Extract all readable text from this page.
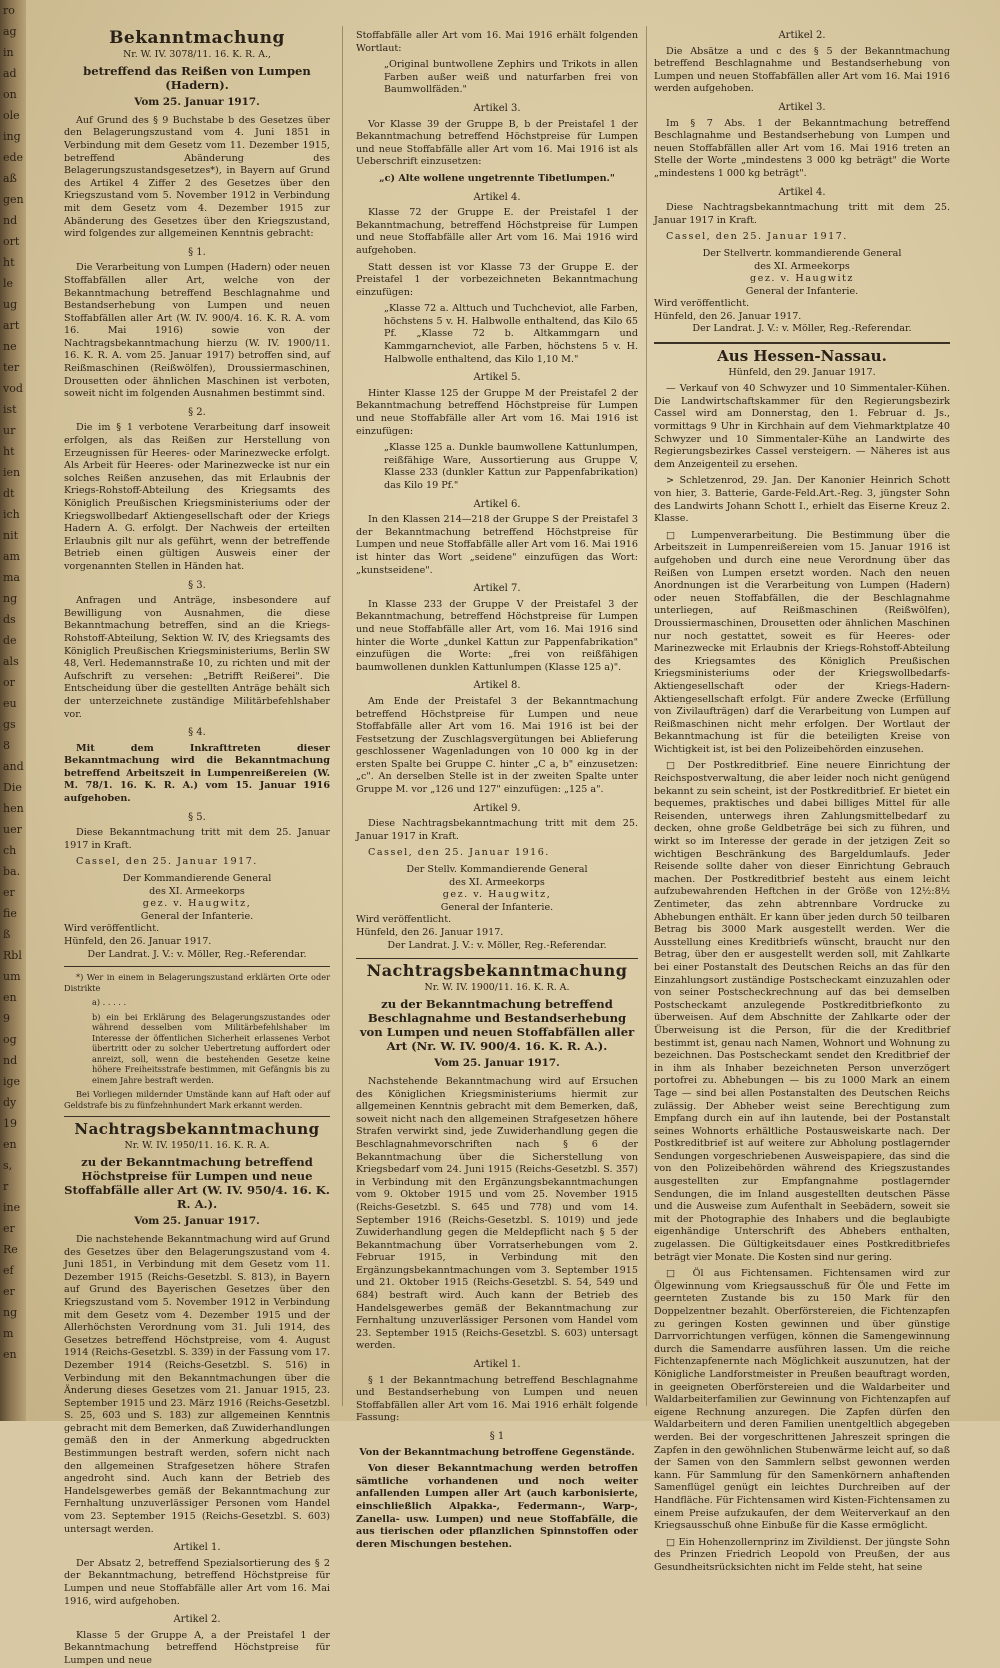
ro
ag
in
ad
on
ole
ing
ede
aß
gen
nd
ort
ht
le
ug
art
ne
ter
vod
ist
ur
ht
ien
dt
ich
nit
am
ma
ng
ds
de
als
or
eu
gs
8
and
Die
hen
uer
ch
ba.
er
fie
ß
Rbl
um
en
9
og
nd
ige
dy
19
en
s,
r
ine
er
Re
ef
er
ng
m
en
Bekanntmachung
Nr. W. IV. 3078/11. 16. K. R. A.,
betreffend das Reißen von Lumpen (Hadern).
Vom 25. Januar 1917.

Auf Grund des § 9 Buchstabe b des Gesetzes über den Belagerungszustand vom 4. Juni 1851 in Verbindung mit dem Gesetz vom 11. Dezember 1915, betreffend Abänderung des Belagerungszustandsgesetzes*), in Bayern auf Grund des Artikel 4 Ziffer 2 des Gesetzes über den Kriegszustand vom 5. November 1912 in Verbindung mit dem Gesetz vom 4. Dezember 1915 zur Abänderung des Gesetzes über den Kriegszustand, wird folgendes zur allgemeinen Kenntnis gebracht:

§ 1.

Die Verarbeitung von Lumpen (Hadern) oder neuen Stoffabfällen aller Art, welche von der Bekanntmachung betreffend Beschlagnahme und Bestandserhebung von Lumpen und neuen Stoffabfällen aller Art (W. IV. 900/4. 16. K. R. A. vom 16. Mai 1916) sowie von der Nachtragsbekanntmachung hierzu (W. IV. 1900/11. 16. K. R. A. vom 25. Januar 1917) betroffen sind, auf Reißmaschinen (Reißwölfen), Droussiermaschinen, Drousetten oder ähnlichen Maschinen ist verboten, soweit nicht im folgenden Ausnahmen bestimmt sind.

§ 2.

Die im § 1 verbotene Verarbeitung darf insoweit erfolgen, als das Reißen zur Herstellung von Erzeugnissen für Heeres- oder Marinezwecke erfolgt. Als Arbeit für Heeres- oder Marinezwecke ist nur ein solches Reißen anzusehen, das mit Erlaubnis der Kriegs-Rohstoff-Abteilung des Kriegsamts des Königlich Preußischen Kriegsministeriums oder der Kriegswollbedarf Aktiengesellschaft oder der Kriegs Hadern A. G. erfolgt. Der Nachweis der erteilten Erlaubnis gilt nur als geführt, wenn der betreffende Betrieb einen gültigen Ausweis einer der vorgenannten Stellen in Händen hat.

§ 3.

Anfragen und Anträge, insbesondere auf Bewilligung von Ausnahmen, die diese Bekanntmachung betreffen, sind an die Kriegs-Rohstoff-Abteilung, Sektion W. IV, des Kriegsamts des Königlich Preußischen Kriegsministeriums, Berlin SW 48, Verl. Hedemannstraße 10, zu richten und mit der Aufschrift zu versehen: „Betrifft Reißerei". Die Entscheidung über die gestellten Anträge behält sich der unterzeichnete zuständige Militärbefehlshaber vor.

§ 4.

Mit dem Inkrafttreten dieser Bekanntmachung wird die Bekanntmachung betreffend Arbeitszeit in Lumpenreißereien (W. M. 78/1. 16. K. R. A.) vom 15. Januar 1916 aufgehoben.

§ 5.

Diese Bekanntmachung tritt mit dem 25. Januar 1917 in Kraft.

Cassel, den 25. Januar 1917.

Der Kommandierende General
des XI. Armeekorps
gez. v. Haugwitz,
General der Infanterie.
Wird veröffentlicht.
Hünfeld, den 26. Januar 1917.
Der Landrat. J. V.: v. Möller, Reg.-Referendar.

*) Wer in einem in Belagerungszustand erklärten Orte oder Distrikte

a) . . . . .

b) ein bei Erklärung des Belagerungszustandes oder während desselben vom Militärbefehlshaber im Interesse der öffentlichen Sicherheit erlassenes Verbot übertritt oder zu solcher Uebertretung auffordert oder anreizt, soll, wenn die bestehenden Gesetze keine höhere Freiheitsstrafe bestimmen, mit Gefängnis bis zu einem Jahre bestraft werden.

Bei Vorliegen mildernder Umstände kann auf Haft oder auf Geldstrafe bis zu fünfzehnhundert Mark erkannt werden.

Nachtragsbekanntmachung
Nr. W. IV. 1950/11. 16. K. R. A.
zu der Bekanntmachung betreffend Höchstpreise für Lumpen und neue Stoffabfälle aller Art (W. IV. 950/4. 16. K. R. A.).
Vom 25. Januar 1917.

Die nachstehende Bekanntmachung wird auf Grund des Gesetzes über den Belagerungszustand vom 4. Juni 1851, in Verbindung mit dem Gesetz vom 11. Dezember 1915 (Reichs-Gesetzbl. S. 813), in Bayern auf Grund des Bayerischen Gesetzes über den Kriegszustand vom 5. November 1912 in Verbindung mit dem Gesetz vom 4. Dezember 1915 und der Allerhöchsten Verordnung vom 31. Juli 1914, des Gesetzes betreffend Höchstpreise, vom 4. August 1914 (Reichs-Gesetzbl. S. 339) in der Fassung vom 17. Dezember 1914 (Reichs-Gesetzbl. S. 516) in Verbindung mit den Bekanntmachungen über die Änderung dieses Gesetzes vom 21. Januar 1915, 23. September 1915 und 23. März 1916 (Reichs-Gesetzbl. S. 25, 603 und S. 183) zur allgemeinen Kenntnis gebracht mit dem Bemerken, daß Zuwiderhandlungen gemäß den in der Anmerkung abgedruckten Bestimmungen bestraft werden, sofern nicht nach den allgemeinen Strafgesetzen höhere Strafen angedroht sind. Auch kann der Betrieb des Handelsgewerbes gemäß der Bekanntmachung zur Fernhaltung unzuverlässiger Personen vom Handel vom 23. September 1915 (Reichs-Gesetzbl. S. 603) untersagt werden.

Artikel 1.

Der Absatz 2, betreffend Spezialsortierung des § 2 der Bekanntmachung, betreffend Höchstpreise für Lumpen und neue Stoffabfälle aller Art vom 16. Mai 1916, wird aufgehoben.

Artikel 2.

Klasse 5 der Gruppe A, a der Preistafel 1 der Bekanntmachung betreffend Höchstpreise für Lumpen und neue

Stoffabfälle aller Art vom 16. Mai 1916 erhält folgenden Wortlaut:

„Original buntwollene Zephirs und Trikots in allen Farben außer weiß und naturfarben frei von Baumwollfäden."

Artikel 3.

Vor Klasse 39 der Gruppe B, b der Preistafel 1 der Bekanntmachung betreffend Höchstpreise für Lumpen und neue Stoffabfälle aller Art vom 16. Mai 1916 ist als Ueberschrift einzusetzen:

„c) Alte wollene ungetrennte Tibetlumpen."

Artikel 4.

Klasse 72 der Gruppe E. der Preistafel 1 der Bekanntmachung, betreffend Höchstpreise für Lumpen und neue Stoffabfälle aller Art vom 16. Mai 1916 wird aufgehoben.

Statt dessen ist vor Klasse 73 der Gruppe E. der Preistafel 1 der vorbezeichneten Bekanntmachung einzufügen:

„Klasse 72 a. Alttuch und Tuchcheviot, alle Farben, höchstens 5 v. H. Halbwolle enthaltend, das Kilo 65 Pf. „Klasse 72 b. Altkammgarn und Kammgarncheviot, alle Farben, höchstens 5 v. H. Halbwolle enthaltend, das Kilo 1,10 M."

Artikel 5.

Hinter Klasse 125 der Gruppe M der Preistafel 2 der Bekanntmachung betreffend Höchstpreise für Lumpen und neue Stoffabfälle aller Art vom 16. Mai 1916 ist einzufügen:

„Klasse 125 a. Dunkle baumwollene Kattunlumpen, reißfähige Ware, Aussortierung aus Gruppe V, Klasse 233 (dunkler Kattun zur Pappenfabrikation) das Kilo 19 Pf."

Artikel 6.

In den Klassen 214—218 der Gruppe S der Preistafel 3 der Bekanntmachung betreffend Höchstpreise für Lumpen und neue Stoffabfälle aller Art vom 16. Mai 1916 ist hinter das Wort „seidene" einzufügen das Wort: „kunstseidene".

Artikel 7.

In Klasse 233 der Gruppe V der Preistafel 3 der Bekanntmachung, betreffend Höchstpreise für Lumpen und neue Stoffabfälle aller Art, vom 16. Mai 1916 sind hinter die Worte „dunkel Kattun zur Pappenfabrikation" einzufügen die Worte: „frei von reißfähigen baumwollenen dunklen Kattunlumpen (Klasse 125 a)".

Artikel 8.

Am Ende der Preistafel 3 der Bekanntmachung betreffend Höchstpreise für Lumpen und neue Stoffabfälle aller Art vom 16. Mai 1916 ist bei der Festsetzung der Zuschlagsvergütungen bei Ablieferung geschlossener Wagenladungen von 10 000 kg in der ersten Spalte bei Gruppe C. hinter „C a, b" einzusetzen: „c". An derselben Stelle ist in der zweiten Spalte unter Gruppe M. vor „126 und 127" einzufügen: „125 a".

Artikel 9.

Diese Nachtragsbekanntmachung tritt mit dem 25. Januar 1917 in Kraft.

Cassel, den 25. Januar 1916.

Der Stellv. Kommandierende General
des XI. Armeekorps
gez. v. Haugwitz,
General der Infanterie.
Wird veröffentlicht.
Hünfeld, den 26. Januar 1917.
Der Landrat. J. V.: v. Möller, Reg.-Referendar.
Nachtragsbekanntmachung
Nr. W. IV. 1900/11. 16. K. R. A.
zu der Bekanntmachung betreffend Beschlagnahme und Bestandserhebung von Lumpen und neuen Stoffabfällen aller Art (Nr. W. IV. 900/4. 16. K. R. A.).
Vom 25. Januar 1917.

Nachstehende Bekanntmachung wird auf Ersuchen des Königlichen Kriegsministeriums hiermit zur allgemeinen Kenntnis gebracht mit dem Bemerken, daß, soweit nicht nach den allgemeinen Strafgesetzen höhere Strafen verwirkt sind, jede Zuwiderhandlung gegen die Beschlagnahmevorschriften nach § 6 der Bekanntmachung über die Sicherstellung von Kriegsbedarf vom 24. Juni 1915 (Reichs-Gesetzbl. S. 357) in Verbindung mit den Ergänzungsbekanntmachungen vom 9. Oktober 1915 und vom 25. November 1915 (Reichs-Gesetzbl. S. 645 und 778) und vom 14. September 1916 (Reichs-Gesetzbl. S. 1019) und jede Zuwiderhandlung gegen die Meldepflicht nach § 5 der Bekanntmachung über Vorratserhebungen vom 2. Februar 1915, in Verbindung mit den Ergänzungsbekanntmachungen vom 3. September 1915 und 21. Oktober 1915 (Reichs-Gesetzbl. S. 54, 549 und 684) bestraft wird. Auch kann der Betrieb des Handelsgewerbes gemäß der Bekanntmachung zur Fernhaltung unzuverlässiger Personen vom Handel vom 23. September 1915 (Reichs-Gesetzbl. S. 603) untersagt werden.

Artikel 1.

§ 1 der Bekanntmachung betreffend Beschlagnahme und Bestandserhebung von Lumpen und neuen Stoffabfällen aller Art vom 16. Mai 1916 erhält folgende Fassung:

§ 1

Von der Bekanntmachung betroffene Gegenstände.

Von dieser Bekanntmachung werden betroffen sämtliche vorhandenen und noch weiter anfallenden Lumpen aller Art (auch karbonisierte, einschließlich Alpakka-, Federmann-, Warp-, Zanella- usw. Lumpen) und neue Stoffabfälle, die aus tierischen oder pflanzlichen Spinnstoffen oder deren Mischungen bestehen.

Artikel 2.

Die Absätze a und c des § 5 der Bekanntmachung betreffend Beschlagnahme und Bestandserhebung von Lumpen und neuen Stoffabfällen aller Art vom 16. Mai 1916 werden aufgehoben.

Artikel 3.

Im § 7 Abs. 1 der Bekanntmachung betreffend Beschlagnahme und Bestandserhebung von Lumpen und neuen Stoffabfällen aller Art vom 16. Mai 1916 treten an Stelle der Worte „mindestens 3 000 kg beträgt" die Worte „mindestens 1 000 kg beträgt".

Artikel 4.

Diese Nachtragsbekanntmachung tritt mit dem 25. Januar 1917 in Kraft.

Cassel, den 25. Januar 1917.

Der Stellvertr. kommandierende General
des XI. Armeekorps
gez. v. Haugwitz
General der Infanterie.
Wird veröffentlicht.
Hünfeld, den 26. Januar 1917.
Der Landrat. J. V.: v. Möller, Reg.-Referendar.
Aus Hessen-Nassau.
Hünfeld, den 29. Januar 1917.

— Verkauf von 40 Schwyzer und 10 Simmentaler-Kühen. Die Landwirtschaftskammer für den Regierungsbezirk Cassel wird am Donnerstag, den 1. Februar d. Js., vormittags 9 Uhr in Kirchhain auf dem Viehmarktplatze 40 Schwyzer und 10 Simmentaler-Kühe an Landwirte des Regierungsbezirkes Cassel versteigern. — Näheres ist aus dem Anzeigenteil zu ersehen.

> Schletzenrod, 29. Jan. Der Kanonier Heinrich Schott von hier, 3. Batterie, Garde-Feld.Art.-Reg. 3, jüngster Sohn des Landwirts Johann Schott I., erhielt das Eiserne Kreuz 2. Klasse.

□ Lumpenverarbeitung. Die Bestimmung über die Arbeitszeit in Lumpenreißereien vom 15. Januar 1916 ist aufgehoben und durch eine neue Verordnung über das Reißen von Lumpen ersetzt worden. Nach den neuen Anordnungen ist die Verarbeitung von Lumpen (Hadern) oder neuen Stoffabfällen, die der Beschlagnahme unterliegen, auf Reißmaschinen (Reißwölfen), Droussiermaschinen, Drousetten oder ähnlichen Maschinen nur noch gestattet, soweit es für Heeres- oder Marinezwecke mit Erlaubnis der Kriegs-Rohstoff-Abteilung des Kriegsamtes des Königlich Preußischen Kriegsministeriums oder der Kriegswollbedarfs-Aktiengesellschaft oder der Kriegs-Hadern-Aktiengesellschaft erfolgt. Für andere Zwecke (Erfüllung von Zivilaufträgen) darf die Verarbeitung von Lumpen auf Reißmaschinen nicht mehr erfolgen. Der Wortlaut der Bekanntmachung ist für die beteiligten Kreise von Wichtigkeit ist, ist bei den Polizeibehörden einzusehen.

□ Der Postkreditbrief. Eine neuere Einrichtung der Reichspostverwaltung, die aber leider noch nicht genügend bekannt zu sein scheint, ist der Postkreditbrief. Er bietet ein bequemes, praktisches und dabei billiges Mittel für alle Reisenden, unterwegs ihren Zahlungsmittelbedarf zu decken, ohne große Geldbeträge bei sich zu führen, und wirkt so im Interesse der gerade in der jetzigen Zeit so wichtigen Beschränkung des Bargeldumlaufs. Jeder Reisende sollte daher von dieser Einrichtung Gebrauch machen. Der Postkreditbrief besteht aus einem leicht aufzubewahrenden Heftchen in der Größe von 12½:8½ Zentimeter, das zehn abtrennbare Vordrucke zu Abhebungen enthält. Er kann über jeden durch 50 teilbaren Betrag bis 3000 Mark ausgestellt werden. Wer die Ausstellung eines Kreditbriefs wünscht, braucht nur den Betrag, über den er ausgestellt werden soll, mit Zahlkarte bei einer Postanstalt des Deutschen Reichs an das für den Einzahlungsort zuständige Postscheckamt einzuzahlen oder von seiner Postscheckrechnung auf das bei demselben Postscheckamt anzulegende Postkreditbriefkonto zu überweisen. Auf dem Abschnitte der Zahlkarte oder der Überweisung ist die Person, für die der Kreditbrief bestimmt ist, genau nach Namen, Wohnort und Wohnung zu bezeichnen. Das Postscheckamt sendet den Kreditbrief der in ihm als Inhaber bezeichneten Person unverzögert portofrei zu. Abhebungen — bis zu 1000 Mark an einem Tage — sind bei allen Postanstalten des Deutschen Reichs zulässig. Der Abheber weist seine Berechtigung zum Empfang durch ein auf ihn lautende, bei der Postanstalt seines Wohnorts erhältliche Postausweiskarte nach. Der Postkreditbrief ist auf weitere zur Abholung postlagernder Sendungen vorgeschriebenen Ausweispapiere, das sind die von den Polizeibehörden während des Kriegszustandes ausgestellten zur Empfangnahme postlagernder Sendungen, die im Inland ausgestellten deutschen Pässe und die Ausweise zum Aufenthalt in Seebädern, soweit sie mit der Photographie des Inhabers und die beglaubigte eigenhändige Unterschrift des Abhebers enthalten, zugelassen. Die Gültigkeitsdauer eines Postkreditbriefes beträgt vier Monate. Die Kosten sind nur gering.

□ Öl aus Fichtensamen. Fichtensamen wird zur Ölgewinnung vom Kriegsausschuß für Öle und Fette im geernteten Zustande bis zu 150 Mark für den Doppelzentner bezahlt. Oberförstereien, die Fichtenzapfen zu geringen Kosten gewinnen und über günstige Darrvorrichtungen verfügen, können die Samengewinnung durch die Samendarre ausführen lassen. Um die reiche Fichtenzapfenernte nach Möglichkeit auszunutzen, hat der Königliche Landforstmeister in Preußen beauftragt worden, in geeigneten Oberförstereien und die Waldarbeiter und Waldarbeiterfamilien zur Gewinnung von Fichtenzapfen auf eigene Rechnung anzuregen. Die Zapfen dürfen den Waldarbeitern und deren Familien unentgeltlich abgegeben werden. Bei der vorgeschrittenen Jahreszeit springen die Zapfen in den gewöhnlichen Stubenwärme leicht auf, so daß der Samen von den Sammlern selbst gewonnen werden kann. Für Sammlung für den Samenkörnern anhaftenden Samenflügel genügt ein leichtes Durchreiben auf der Handfläche. Für Fichtensamen wird Kisten-Fichtensamen zu einem Preise aufzukaufen, der dem Weiterverkauf an den Kriegsausschuß ohne Einbuße für die Kasse ermöglicht.

□ Ein Hohenzollernprinz im Zivildienst. Der jüngste Sohn des Prinzen Friedrich Leopold von Preußen, der aus Gesundheitsrücksichten nicht im Felde steht, hat seine
